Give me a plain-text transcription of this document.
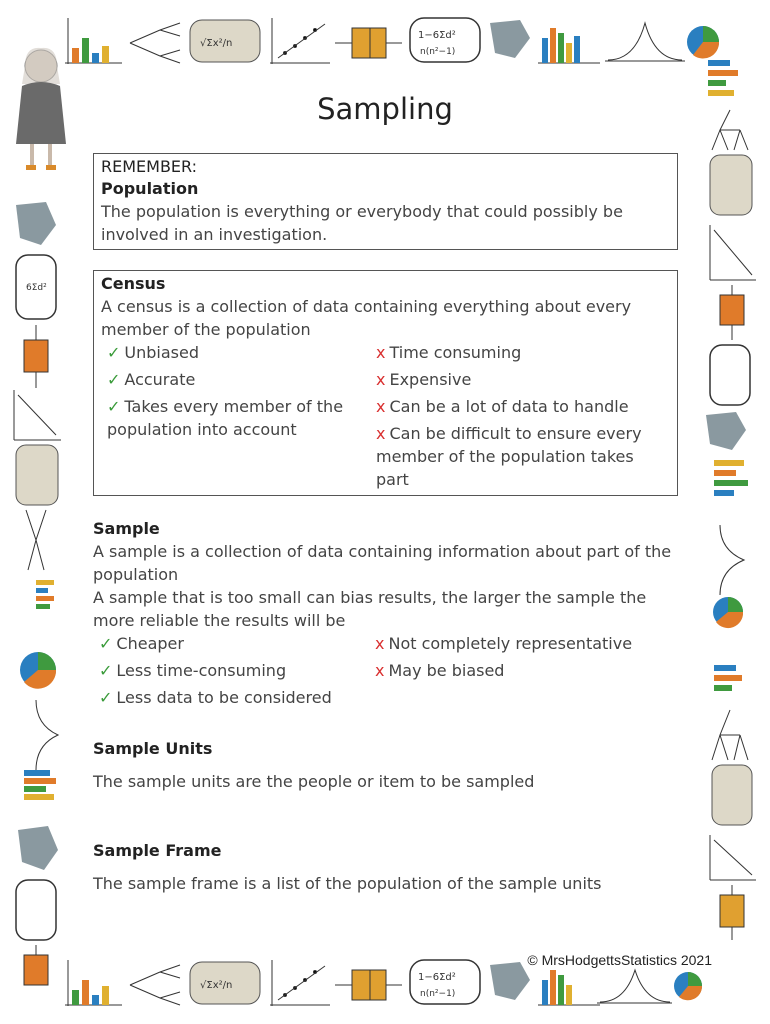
√Σx²/n
1−6Σd²
n(n²−1)
√Σx²/n
1−6Σd²
n(n²−1)
6Σd²
Sampling
REMEMBER:
Population
The population is everything or everybody that could possibly be involved in an investigation.
Census
A census is a collection of data containing everything about every member of the population
✓ Unbiased
✓ Accurate
✓ Takes every member of the population into account
x Time consuming
x Expensive
x Can be a lot of data to handle
x Can be difficult to ensure every member of the population takes part
Sample
A sample is a collection of data containing information about part of the population
A sample that is too small can bias results, the larger the sample the more reliable the results will be
✓ Cheaper
✓ Less time-consuming
✓ Less data to be considered
x Not completely representative
x May be biased
Sample Units
The sample units are the people or item to be sampled
Sample Frame
The sample frame is a list of the population of the sample units
© MrsHodgettsStatistics 2021
